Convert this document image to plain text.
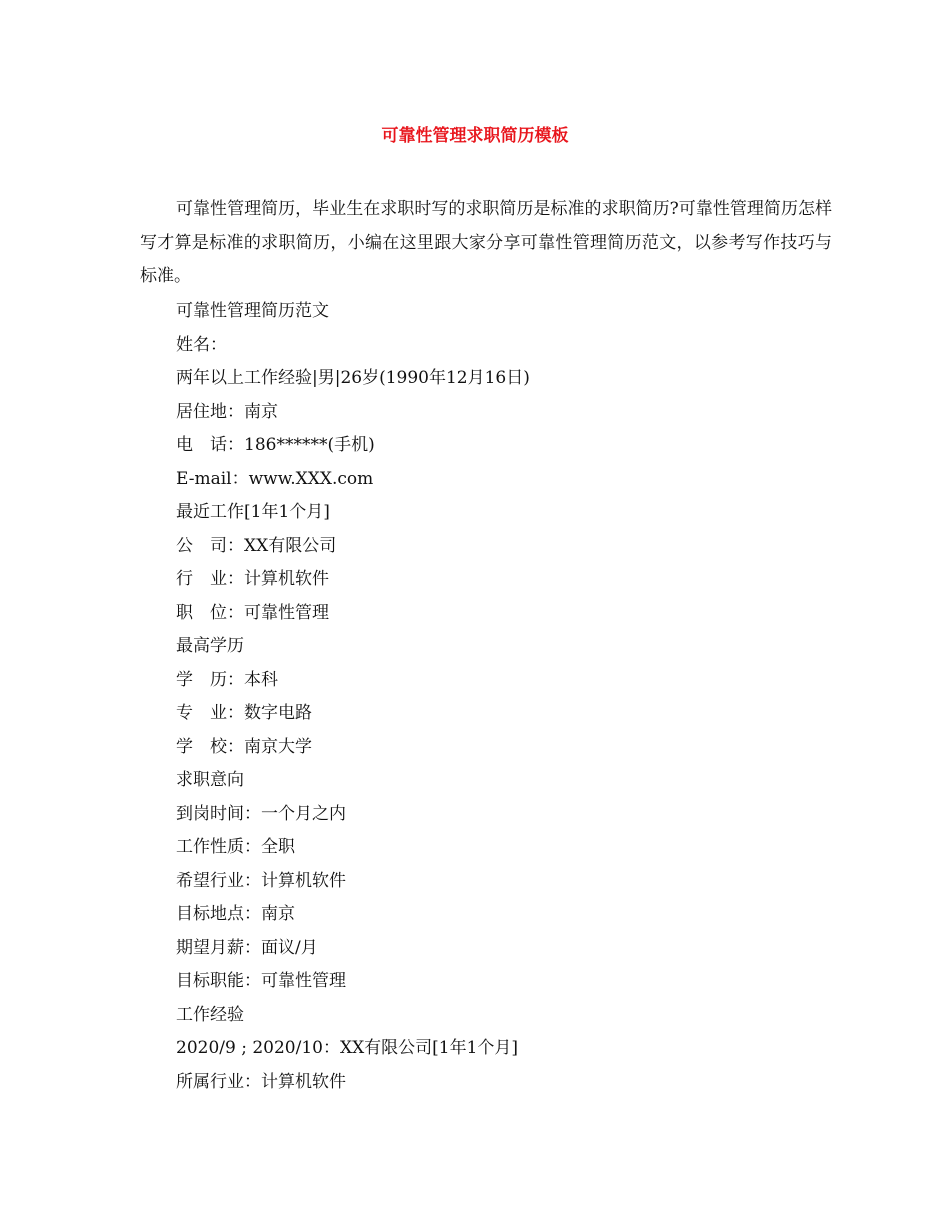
可靠性管理求职简历模板

可靠性管理简历，毕业生在求职时写的求职简历是标准的求职简历?可靠性管理简历怎样写才算是标准的求职简历，小编在这里跟大家分享可靠性管理简历范文，以参考写作技巧与标准。

可靠性管理简历范文
姓名：
两年以上工作经验|男|26岁(1990年12月16日)
居住地：南京
电　话：186******(手机)
E-mail：www.XXX.com
最近工作[1年1个月]
公　司：XX有限公司
行　业：计算机软件
职　位：可靠性管理
最高学历
学　历：本科
专　业：数字电路
学　校：南京大学
求职意向
到岗时间：一个月之内
工作性质：全职
希望行业：计算机软件
目标地点：南京
期望月薪：面议/月
目标职能：可靠性管理
工作经验
2020/9 ; 2020/10：XX有限公司[1年1个月]
所属行业：计算机软件
